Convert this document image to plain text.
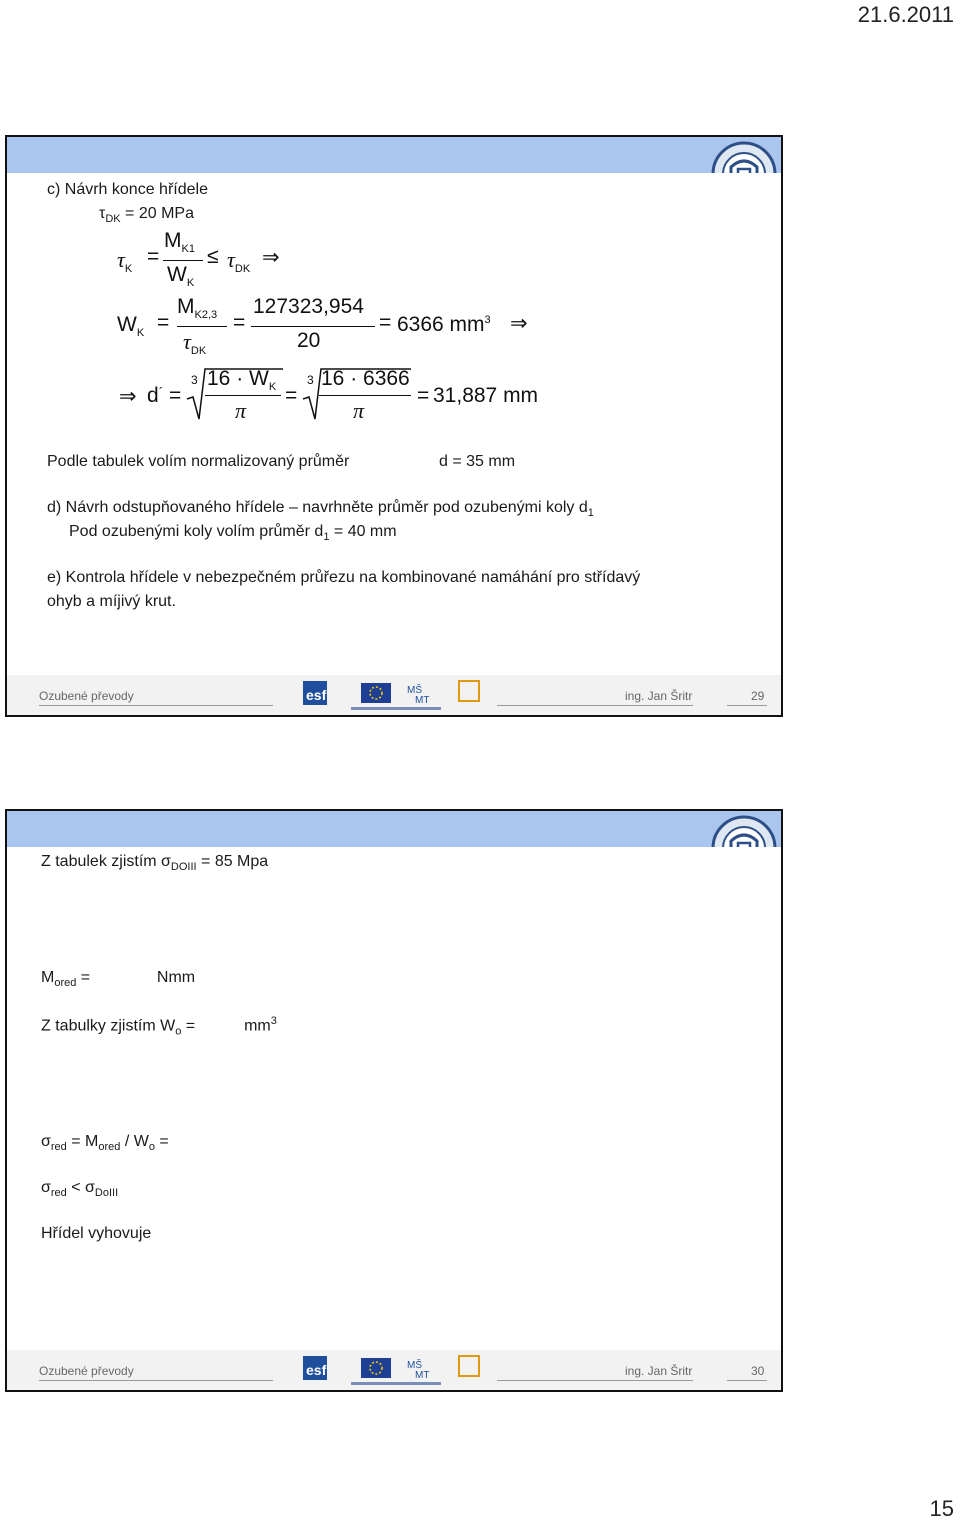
21.6.2011
c) Návrh konce hřídele
$\tau_{DK} = 20$ MPa
$\tau_K$
=
$M_{K1}$
$W_K$
≤ $\tau_{DK}$
⇒
$W_K$ =
$M_{K2,3}$
$\tau_{DK}$
=
127323,954
20
= 6366 $mm^3$ ⇒
⇒ d´ =
3 $16 \cdot W_K$
π
=
3 16 · 6366
π
= 31,887 mm
Podle tabulek volím normalizovaný průměr	d = 35 mm
d) Návrh odstupňovaného hřídele – navrhněte průměr pod ozubenými koly $d_1$
Pod ozubenými koly volím průměr $d_1 = 40$ mm
e) Kontrola hřídele v nebezpečném průřezu na kombinované namáhání pro střídavý
ohyb a míjivý krut.
Ozubené převody	esf	MŠ
MT	ing. Jan Šritr	29
Z tabulek zjistím $\sigma_{DOIII} = 85$ Mpa
$M_{ored} = 165$ 303 Nmm
Z tabulky zjistím $W_o = 5$ 510 $mm^3$
$\sigma_{red} = M_{ored} / W_o$ =
$\sigma_{red} < \sigma_{DoIII}$
Hřídel vyhovuje
Ozubené převody	esf	MŠ
MT	ing. Jan Šritr	30
15
